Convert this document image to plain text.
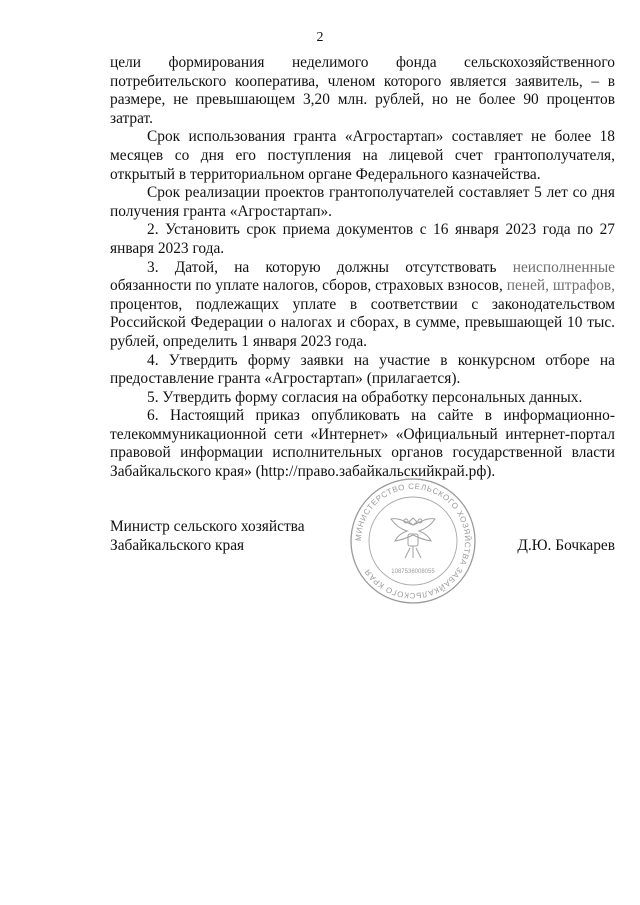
2

цели формирования неделимого фонда сельскохозяйственного потребительского кооператива, членом которого является заявитель, – в размере, не превышающем 3,20 млн. рублей, но не более 90 процентов затрат.

Срок использования гранта «Агростартап» составляет не более 18 месяцев со дня его поступления на лицевой счет грантополучателя, открытый в территориальном органе Федерального казначейства.

Срок реализации проектов грантополучателей составляет 5 лет со дня получения гранта «Агростартап».

2. Установить срок приема документов с 16 января 2023 года по 27 января 2023 года.

3. Датой, на которую должны отсутствовать неисполненные обязанности по уплате налогов, сборов, страховых взносов, пеней, штрафов, процентов, подлежащих уплате в соответствии с законодательством Российской Федерации о налогах и сборах, в сумме, превышающей 10 тыс. рублей, определить 1 января 2023 года.

4. Утвердить форму заявки на участие в конкурсном отборе на предоставление гранта «Агростартап» (прилагается).

5. Утвердить форму согласия на обработку персональных данных.

6. Настоящий приказ опубликовать на сайте в информационно-телекоммуникационной сети «Интернет» «Официальный интернет-портал правовой информации исполнительных органов государственной власти Забайкальского края» (http://право.забайкальскийкрай.рф).

Министр сельского хозяйства
Забайкальского края	Д.Ю. Бочкарев
МИНИСТЕРСТВО СЕЛЬСКОГО ХОЗЯЙСТВА ЗАБАЙКАЛЬСКОГО КРАЯ	1087536008055
